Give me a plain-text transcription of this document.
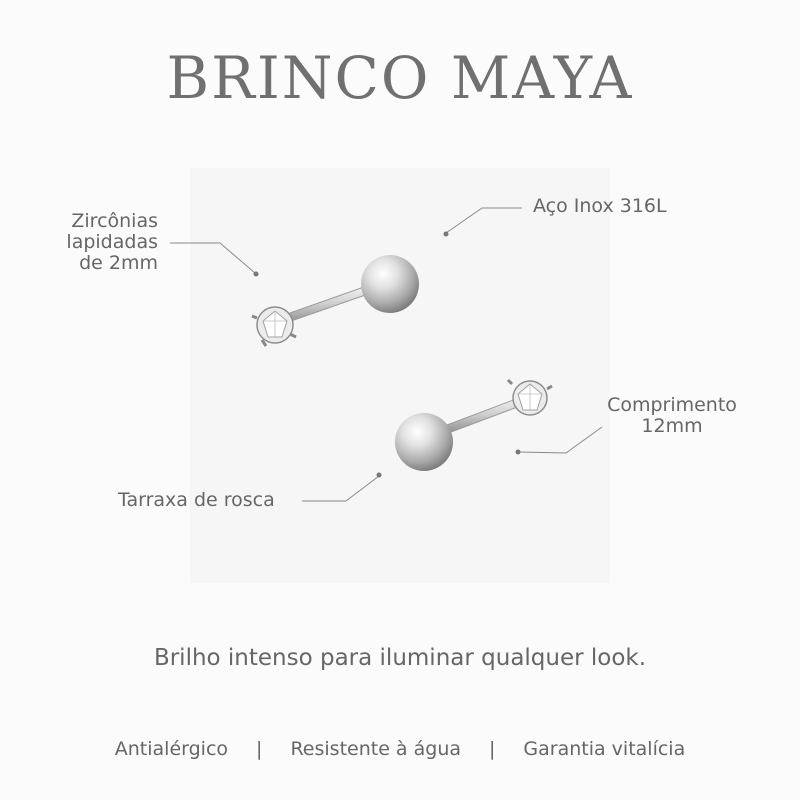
BRINCO MAYA
Zircônias
lapidadas
de 2mm
Aço Inox 316L
Comprimento
12mm
Tarraxa de rosca
Brilho intenso para iluminar qualquer look.
Antialérgico | Resistente à água | Garantia vitalícia
